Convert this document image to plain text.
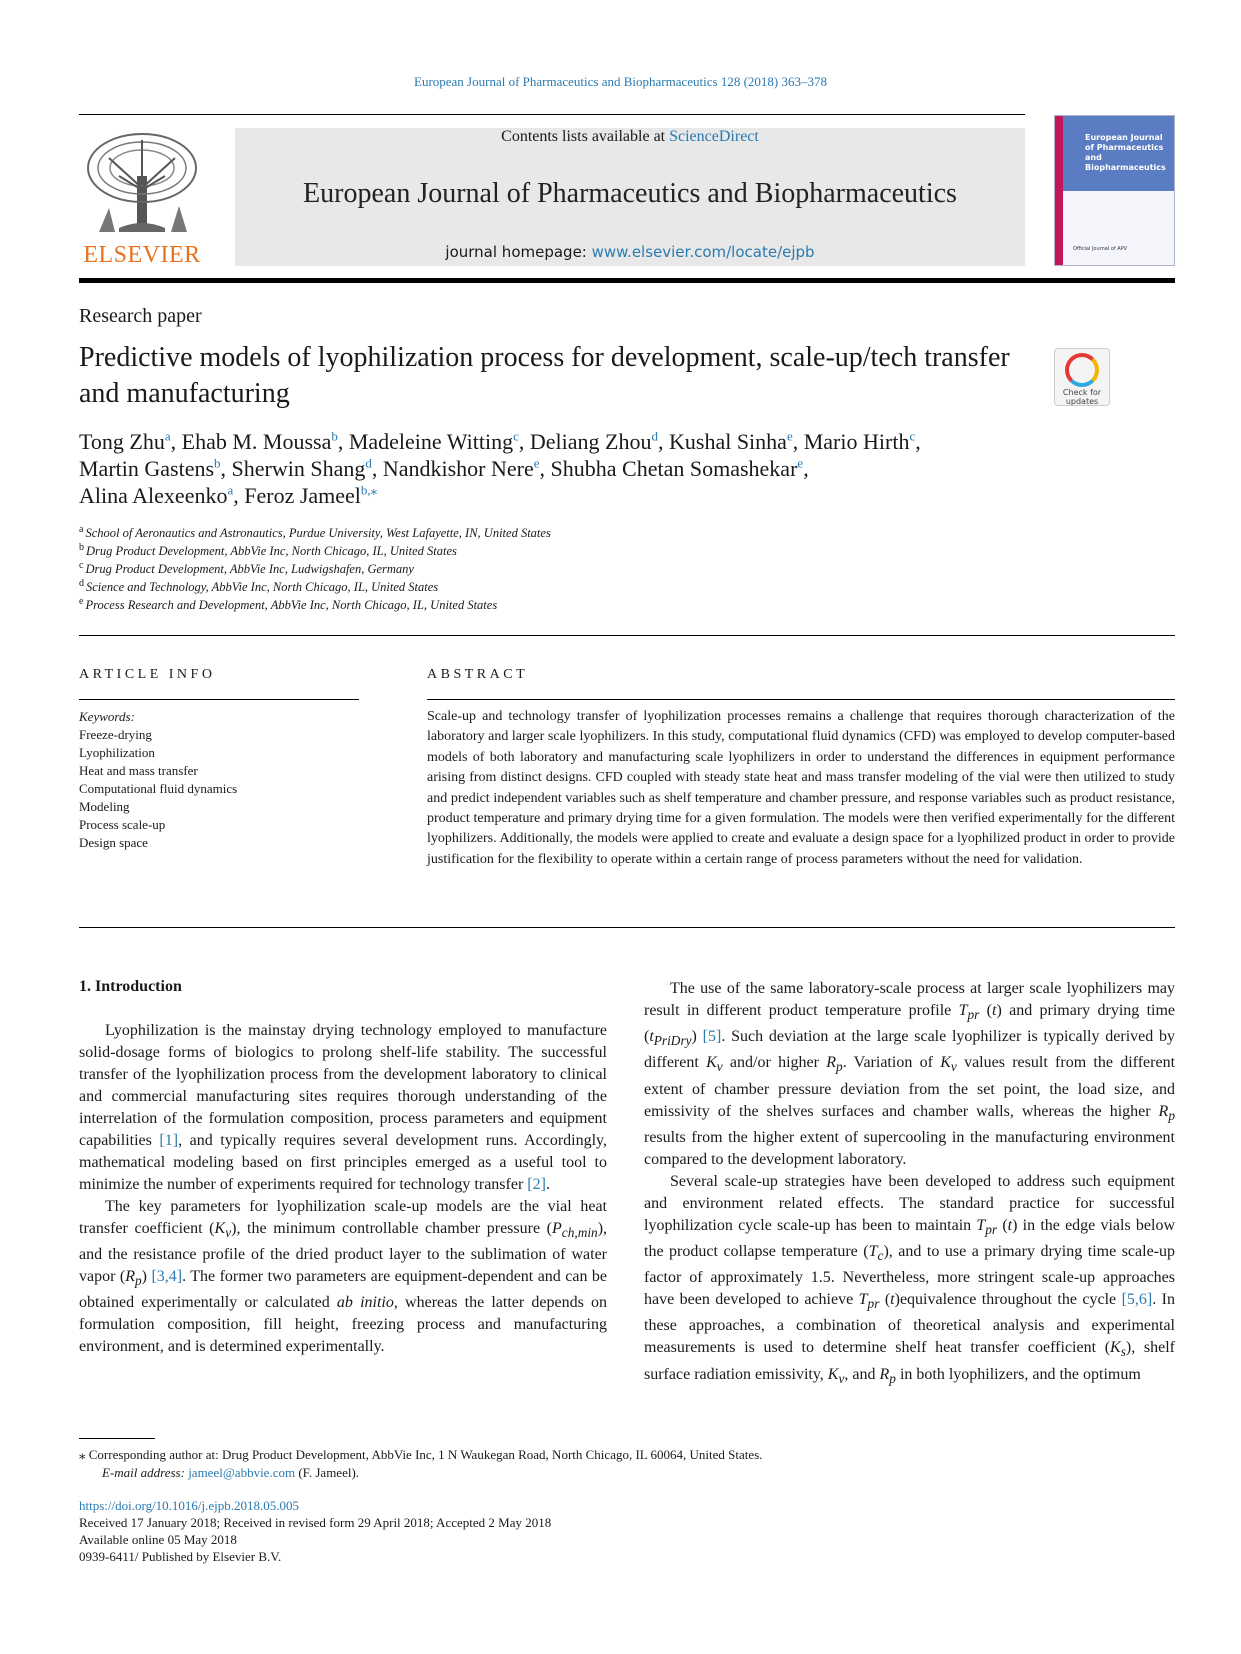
European Journal of Pharmaceutics and Biopharmaceutics 128 (2018) 363–378
ELSEVIER
Contents lists available at ScienceDirect
European Journal of Pharmaceutics and Biopharmaceutics
journal homepage: www.elsevier.com/locate/ejpb
European Journal of Pharmaceutics and Biopharmaceutics
Official Journal of APV
Research paper
Predictive models of lyophilization process for development, scale-up/tech transfer and manufacturing	Check for updates
Tong Zhu$^a$, Ehab M. Moussa$^b$, Madeleine Witting$^c$, Deliang Zhou$^d$, Kushal Sinha$^e$, Mario Hirth$^c$,
Martin Gastens$^b$, Sherwin Shang$^d$, Nandkishor Nere$^e$, Shubha Chetan Somashekar$^e$,
Alina Alexeenko$^a$, Feroz Jameel$^{b,⁎}$
$^a$ School of Aeronautics and Astronautics, Purdue University, West Lafayette, IN, United States
$^b$ Drug Product Development, AbbVie Inc, North Chicago, IL, United States
$^c$ Drug Product Development, AbbVie Inc, Ludwigshafen, Germany
$^d$ Science and Technology, AbbVie Inc, North Chicago, IL, United States
$^e$ Process Research and Development, AbbVie Inc, North Chicago, IL, United States
ARTICLE INFO	ABSTRACT
Keywords:
Freeze-drying
Lyophilization
Heat and mass transfer
Computational fluid dynamics
Modeling
Process scale-up
Design space
Scale-up and technology transfer of lyophilization processes remains a challenge that requires thorough characterization of the laboratory and larger scale lyophilizers. In this study, computational fluid dynamics (CFD) was employed to develop computer-based models of both laboratory and manufacturing scale lyophilizers in order to understand the differences in equipment performance arising from distinct designs. CFD coupled with steady state heat and mass transfer modeling of the vial were then utilized to study and predict independent variables such as shelf temperature and chamber pressure, and response variables such as product resistance, product temperature and primary drying time for a given formulation. The models were then verified experimentally for the different lyophilizers. Additionally, the models were applied to create and evaluate a design space for a lyophilized product in order to provide justification for the flexibility to operate within a certain range of process parameters without the need for validation.
1. Introduction

Lyophilization is the mainstay drying technology employed to manufacture solid-dosage forms of biologics to prolong shelf-life stability. The successful transfer of the lyophilization process from the development laboratory to clinical and commercial manufacturing sites requires thorough understanding of the interrelation of the formulation composition, process parameters and equipment capabilities [1], and typically requires several development runs. Accordingly, mathematical modeling based on first principles emerged as a useful tool to minimize the number of experiments required for technology transfer [2].

The key parameters for lyophilization scale-up models are the vial heat transfer coefficient $(K_v)$, the minimum controllable chamber pressure $(P_{ch,min})$, and the resistance profile of the dried product layer to the sublimation of water vapor $(R_p)$ [3,4]. The former two parameters are equipment-dependent and can be obtained experimentally or calculated ab initio, whereas the latter depends on formulation composition, fill height, freezing process and manufacturing environment, and is determined experimentally.

The use of the same laboratory-scale process at larger scale lyophilizers may result in different product temperature profile $T_{pr}$ (t) and primary drying time $(t_{PriDry})$ [5]. Such deviation at the large scale lyophilizer is typically derived by different $K_v$ and/or higher $R_p$. Variation of $K_v$ values result from the different extent of chamber pressure deviation from the set point, the load size, and emissivity of the shelves surfaces and chamber walls, whereas the higher $R_p$ results from the higher extent of supercooling in the manufacturing environment compared to the development laboratory.

Several scale-up strategies have been developed to address such equipment and environment related effects. The standard practice for successful lyophilization cycle scale-up has been to maintain $T_{pr}$ (t) in the edge vials below the product collapse temperature $(T_c)$, and to use a primary drying time scale-up factor of approximately 1.5. Nevertheless, more stringent scale-up approaches have been developed to achieve $T_{pr}$ (t)equivalence throughout the cycle [5,6]. In these approaches, a combination of theoretical analysis and experimental measurements is used to determine shelf heat transfer coefficient $(K_s)$, shelf surface radiation emissivity, $K_v$, and $R_p$ in both lyophilizers, and the optimum

⁎ Corresponding author at: Drug Product Development, AbbVie Inc, 1 N Waukegan Road, North Chicago, IL 60064, United States.
E-mail address: jameel@abbvie.com (F. Jameel).
https://doi.org/10.1016/j.ejpb.2018.05.005
Received 17 January 2018; Received in revised form 29 April 2018; Accepted 2 May 2018
Available online 05 May 2018
0939-6411/ Published by Elsevier B.V.
